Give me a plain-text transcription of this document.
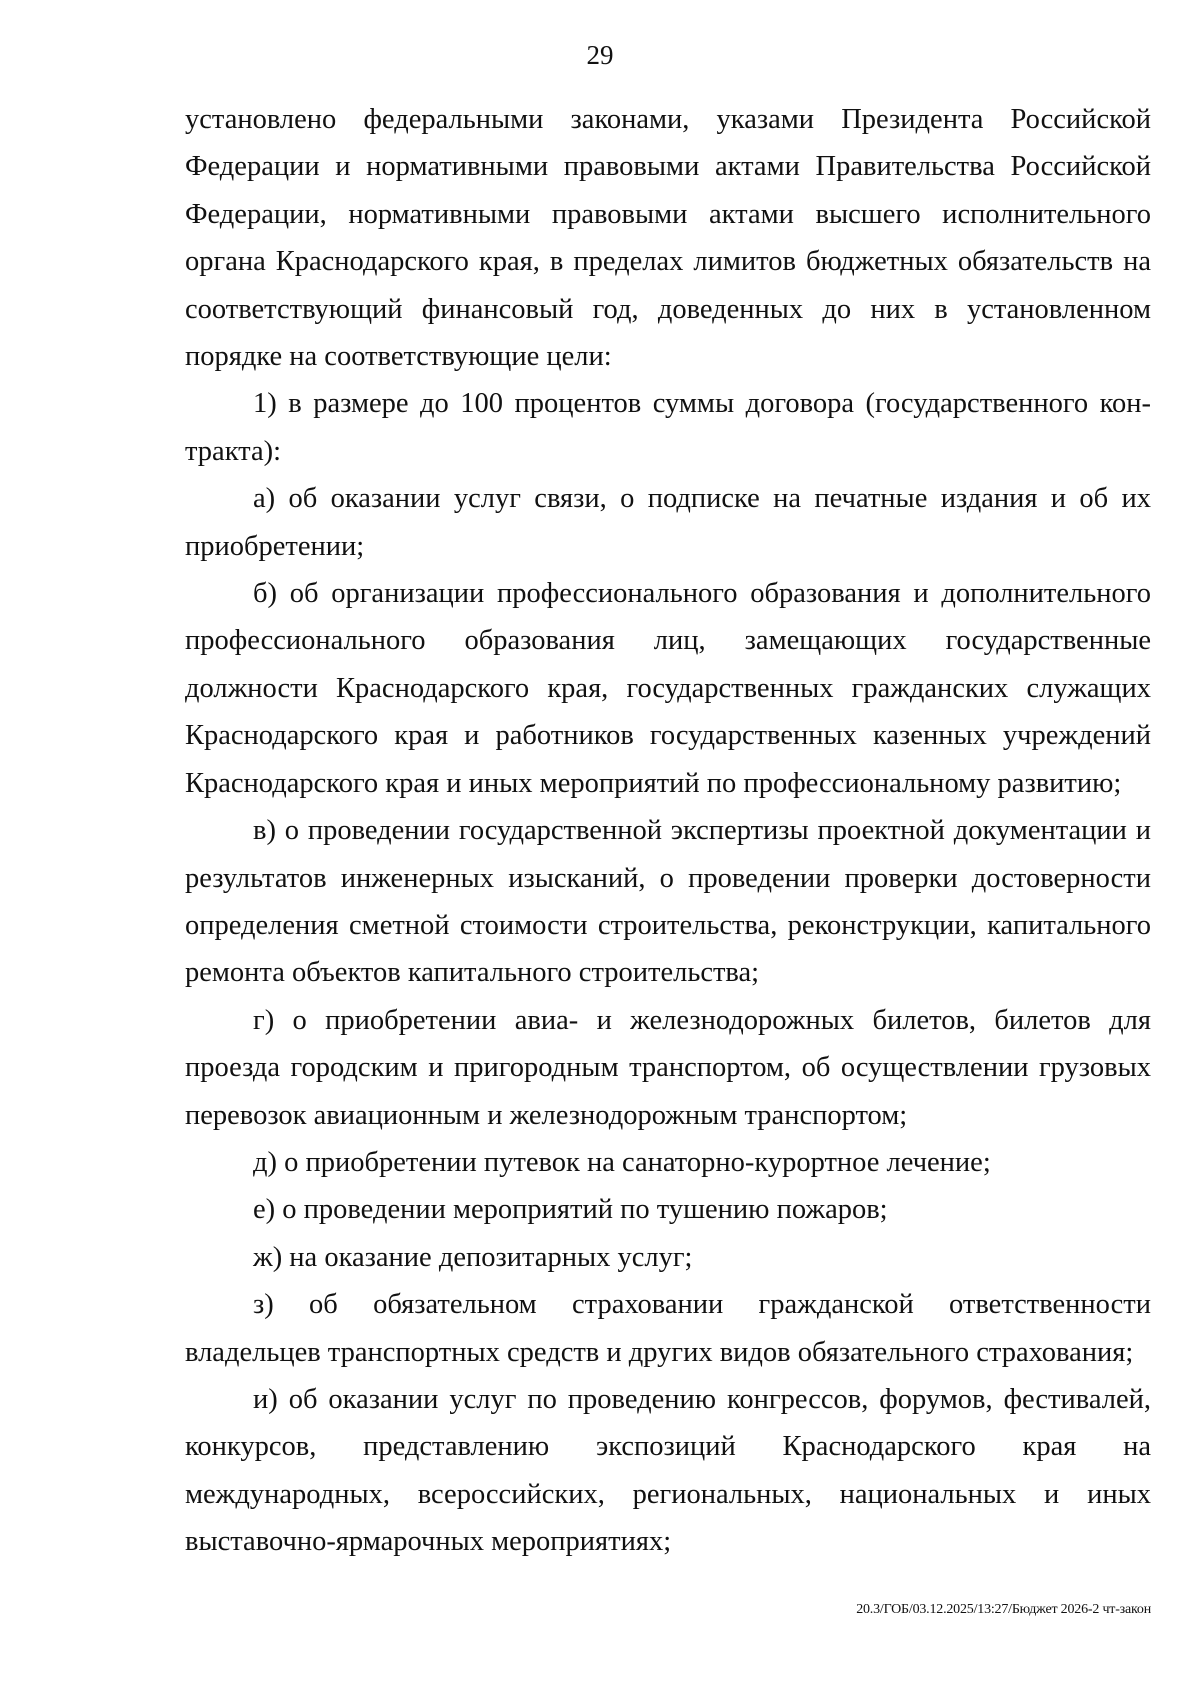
29

установлено федеральными законами, указами Президента Российской Федерации и нормативными правовыми актами Правительства Российской Федерации, нормативными правовыми актами высшего исполнительного органа Краснодарского края, в пределах лимитов бюджетных обязательств на соответствующий финансовый год, доведенных до них в установленном порядке на соответствующие цели:

1) в размере до 100 процентов суммы договора (государственного контракта):

а) об оказании услуг связи, о подписке на печатные издания и об их приобретении;

б) об организации профессионального образования и дополнительного профессионального образования лиц, замещающих государственные должности Краснодарского края, государственных гражданских служащих Краснодарского края и работников государственных казенных учреждений Краснодарского края и иных мероприятий по профессиональному развитию;

в) о проведении государственной экспертизы проектной документации и результатов инженерных изысканий, о проведении проверки достоверности определения сметной стоимости строительства, реконструкции, капитального ремонта объектов капитального строительства;

г) о приобретении авиа- и железнодорожных билетов, билетов для проезда городским и пригородным транспортом, об осуществлении грузовых перевозок авиационным и железнодорожным транспортом;

д) о приобретении путевок на санаторно-курортное лечение;

е) о проведении мероприятий по тушению пожаров;

ж) на оказание депозитарных услуг;

з) об обязательном страховании гражданской ответственности владельцев транспортных средств и других видов обязательного страхования;

и) об оказании услуг по проведению конгрессов, форумов, фестивалей, конкурсов, представлению экспозиций Краснодарского края на международных, всероссийских, региональных, национальных и иных выставочно-ярмарочных мероприятиях;

20.3/ГОБ/03.12.2025/13:27/Бюджет 2026-2 чт-закон
